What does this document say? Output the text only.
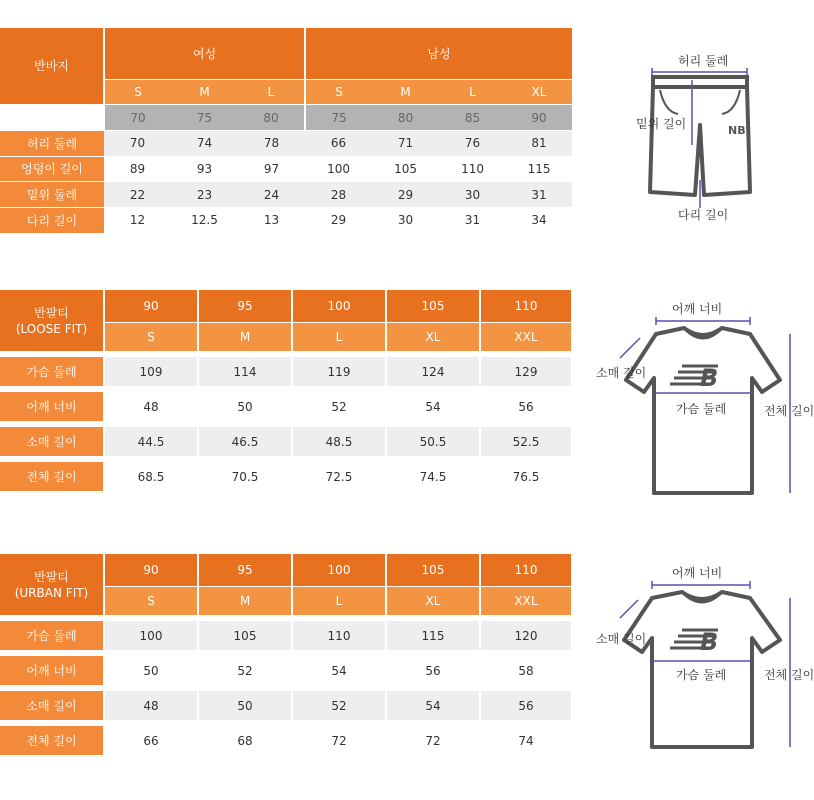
반바지	여성			남성			
	S	M	L	S	M	L	XL
	70	75	80	75	80	85	90
허리 둘레	70	74	78	66	71	76	81
엉덩이 길이	89	93	97	100	105	110	115
밑위 둘레	22	23	24	28	29	30	31
다리 길이	12	12.5	13	29	30	31	34
NB
허리 둘레
밑위 길이
다리 길이
반팔티
(LOOSE FIT)	90	95	100	105	110
	S	M	L	XL	XXL
가슴 둘레	109	114	119	124	129
어깨 너비	48	50	52	54	56
소매 길이	44.5	46.5	48.5	50.5	52.5
전체 길이	68.5	70.5	72.5	74.5	76.5
B
어깨 너비
소매 길이
가슴 둘레	전체 길이
반팔티
(URBAN FIT)	90	95	100	105	110
	S	M	L	XL	XXL
가슴 둘레	100	105	110	115	120
어깨 너비	50	52	54	56	58
소매 길이	48	50	52	54	56
전체 길이	66	68	72	72	74
B
어깨 너비
소매 길이
가슴 둘레	전체 길이
